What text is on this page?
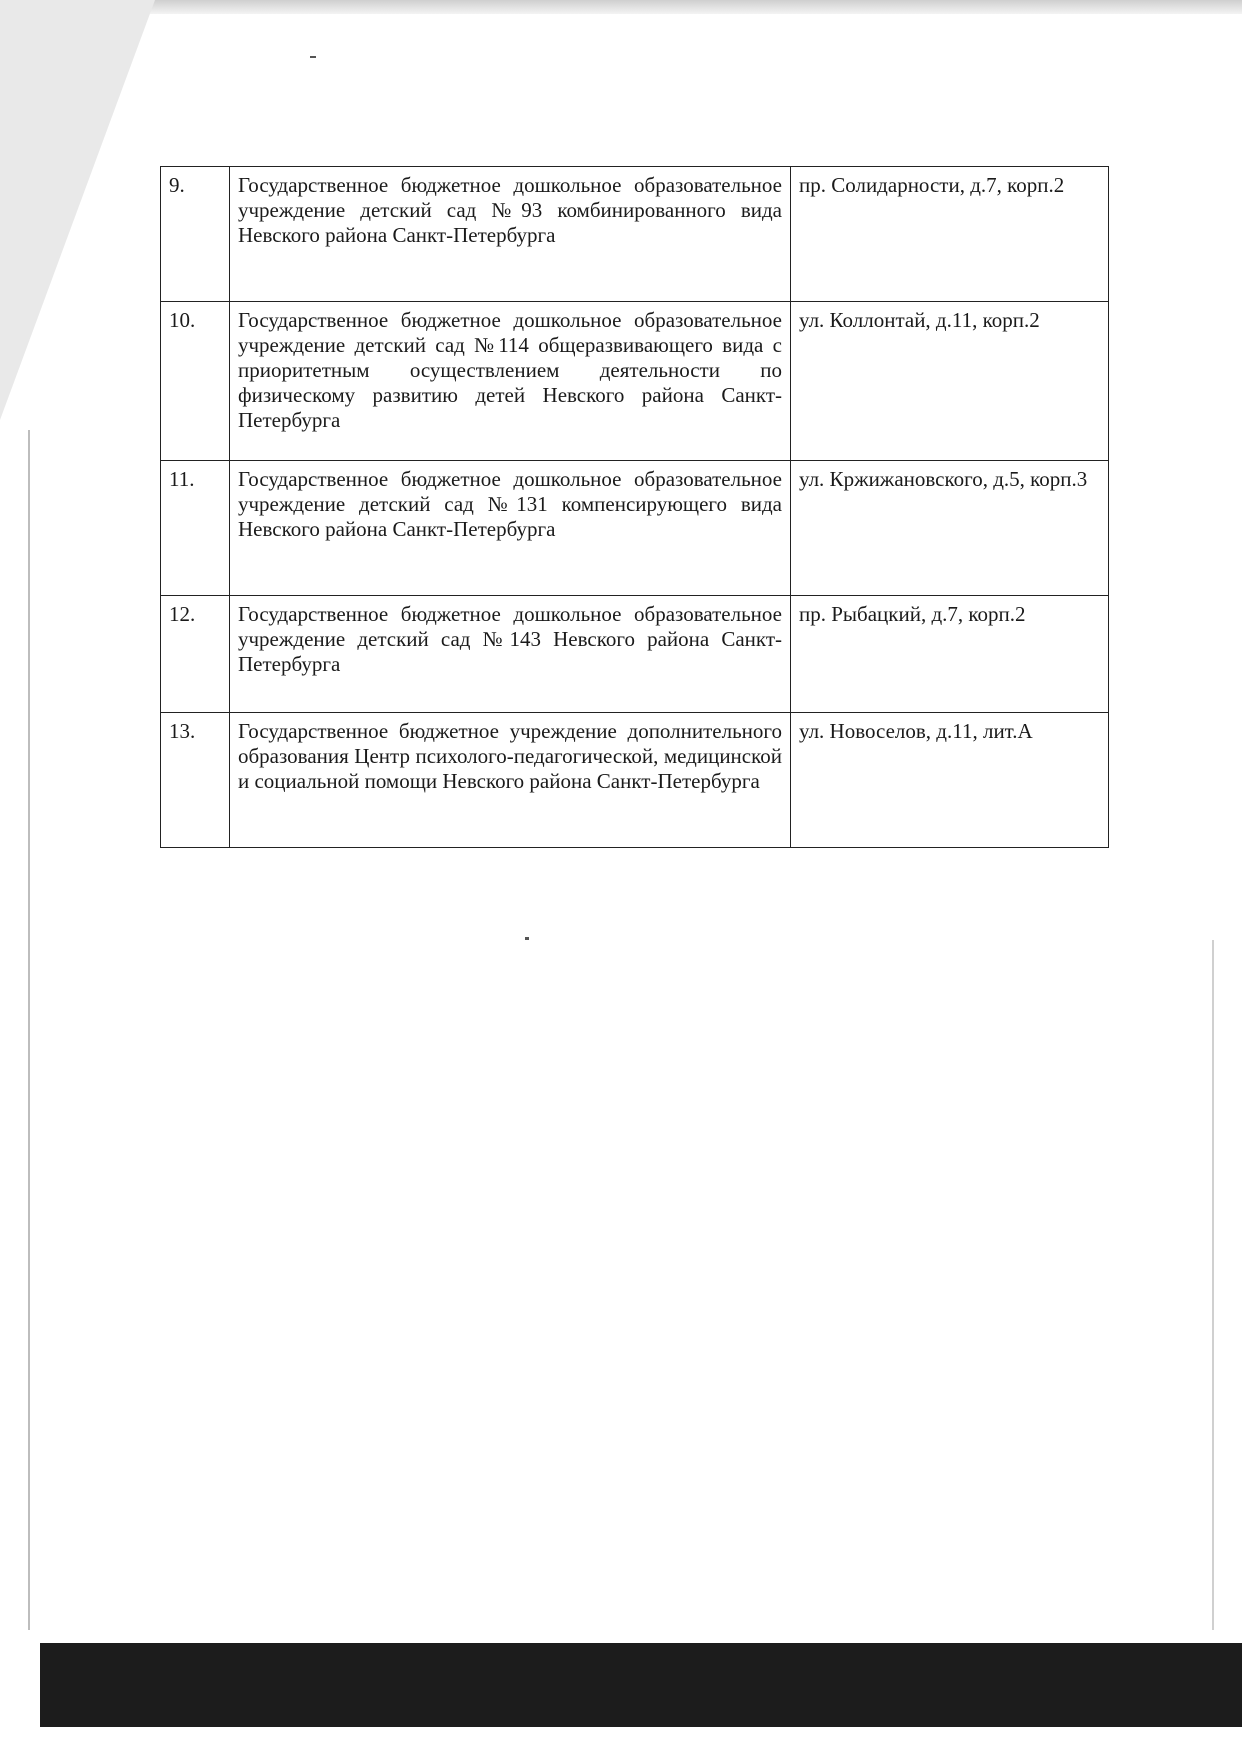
9.	Государственное бюджетное дошкольное образовательное учреждение детский сад №93 комбинированного вида Невского района Санкт-Петербурга	пр. Солидарности, д.7, корп.2
10.	Государственное бюджетное дошкольное образовательное учреждение детский сад №114 общеразвивающего вида с приоритетным осуществлением деятельности по физическому развитию детей Невского района Санкт-Петербурга	ул. Коллонтай, д.11, корп.2
11.	Государственное бюджетное дошкольное образовательное учреждение детский сад №131 компенсирующего вида Невского района Санкт-Петербурга	ул. Кржижановского, д.5, корп.3
12.	Государственное бюджетное дошкольное образовательное учреждение детский сад №143 Невского района Санкт-Петербурга	пр. Рыбацкий, д.7, корп.2
13.	Государственное бюджетное учреждение дополнительного образования Центр психолого-педагогической, медицинской и социальной помощи Невского района Санкт-Петербурга	ул. Новоселов, д.11, лит.А
